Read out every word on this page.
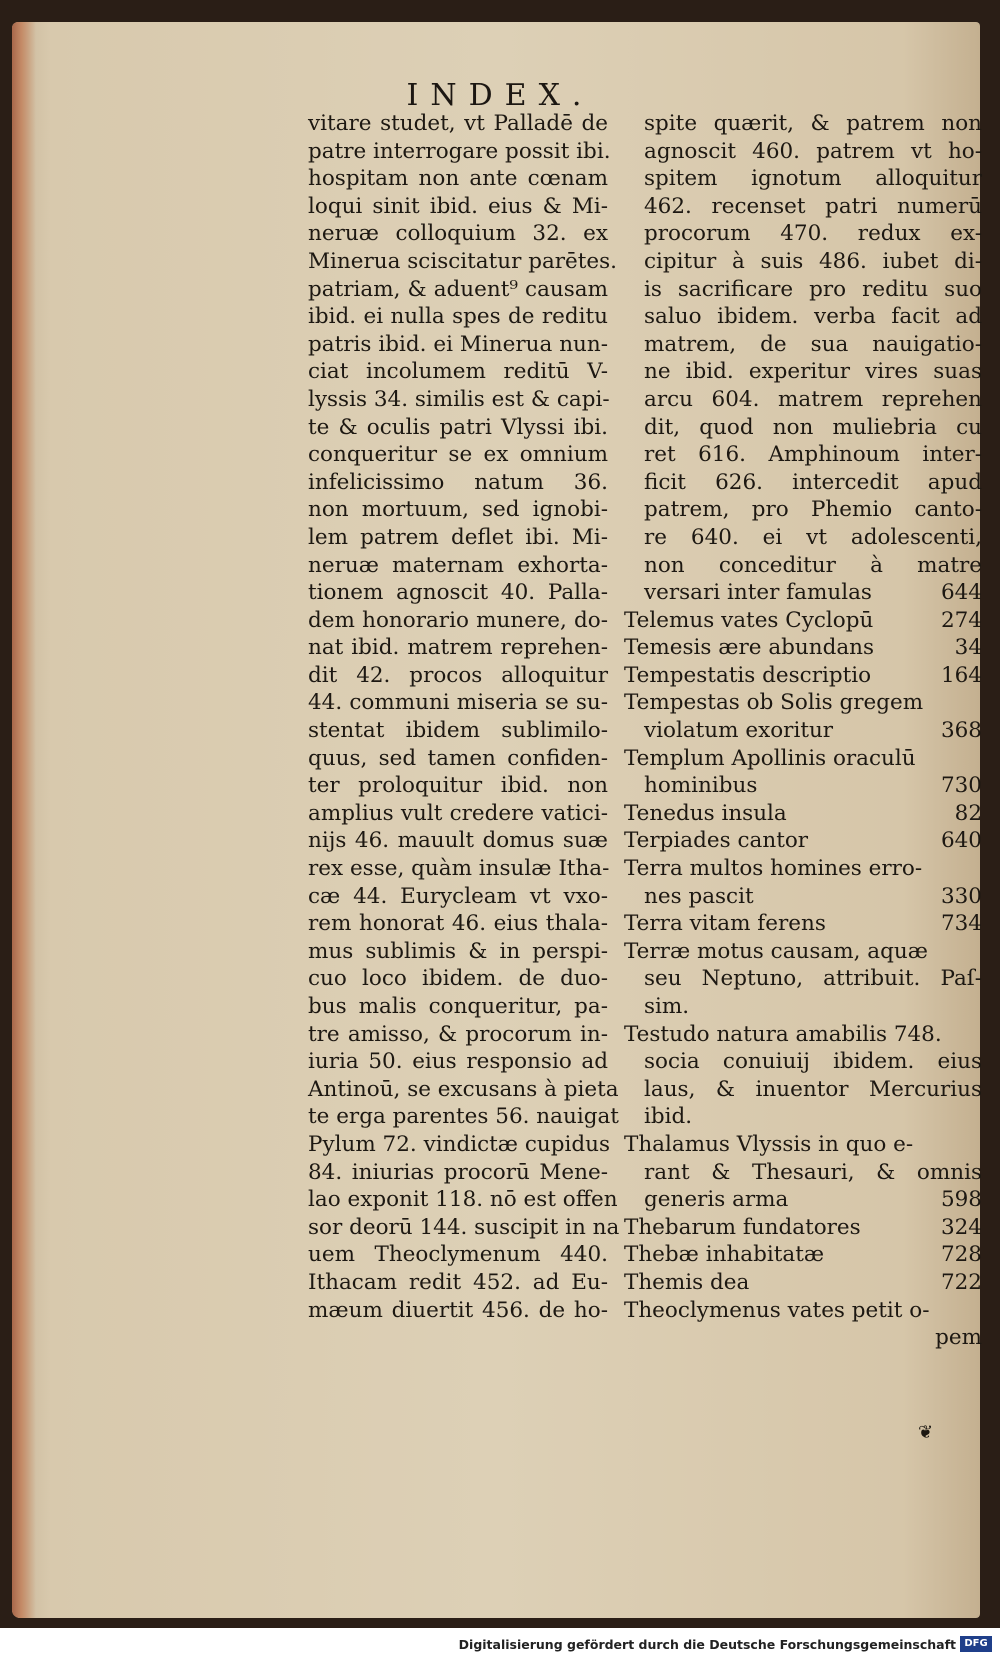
INDEX.
vitare studet, vt Palladē de
patre interrogare possit ibi.
hospitam non ante cœnam
loqui sinit ibid. eius & Mi-
neruæ colloquium 32. ex
Minerua sciscitatur parētes.
patriam, & aduent⁹ causam
ibid. ei nulla spes de reditu
patris ibid. ei Minerua nun-
ciat incolumem reditū V-
lyssis 34. similis est & capi-
te & oculis patri Vlyssi ibi.
conqueritur se ex omnium
infelicissimo natum 36.
non mortuum, sed ignobi-
lem patrem deflet ibi. Mi-
neruæ maternam exhorta-
tionem agnoscit 40. Palla-
dem honorario munere, do-
nat ibid. matrem reprehen-
dit 42. procos alloquitur
44. communi miseria se su-
stentat ibidem sublimilo-
quus, sed tamen confiden-
ter proloquitur ibid. non
amplius vult credere vatici-
nijs 46. mauult domus suæ
rex esse, quàm insulæ Itha-
cæ 44. Eurycleam vt vxo-
rem honorat 46. eius thala-
mus sublimis & in perspi-
cuo loco ibidem. de duo-
bus malis conqueritur, pa-
tre amisso, & procorum in-
iuria 50. eius responsio ad
Antinoū, se excusans à pieta
te erga parentes 56. nauigat
Pylum 72. vindictæ cupidus
84. iniurias procorū Mene-
lao exponit 118. nō est offen
sor deorū 144. suscipit in na
uem Theoclymenum 440.
Ithacam redit 452. ad Eu-
mæum diuertit 456. de ho-
spite quærit, & patrem non
agnoscit 460. patrem vt ho-
spitem ignotum alloquitur
462. recenset patri numerū
procorum 470. redux ex-
cipitur à suis 486. iubet di-
is sacrificare pro reditu suo
saluo ibidem. verba facit ad
matrem, de sua nauigatio-
ne ibid. experitur vires suas
arcu 604. matrem reprehen
dit, quod non muliebria cu
ret 616. Amphinoum inter-
ficit 626. intercedit apud
patrem, pro Phemio canto-
re 640. ei vt adolescenti,
non conceditur à matre
versari inter famulas	644
Telemus vates Cyclopū	274
Temesis ære abundans	34
Tempestatis descriptio	164
Tempestas ob Solis gregem
violatum exoritur	368
Templum Apollinis oraculū
hominibus	730
Tenedus insula	82
Terpiades cantor	640
Terra multos homines erro-
nes pascit	330
Terra vitam ferens	734
Terræ motus causam, aquæ
seu Neptuno, attribuit. Paſ-
sim.
Testudo natura amabilis 748.
socia conuiuij ibidem. eius
laus, & inuentor Mercurius
ibid.
Thalamus Vlyssis in quo e-
rant & Thesauri, & omnis
generis arma	598
Thebarum fundatores	324
Thebæ inhabitatæ	728
Themis dea	722
Theoclymenus vates petit o-
pem
❦
Digitalisierung gefördert durch die Deutsche Forschungsgemeinschaft DFG
